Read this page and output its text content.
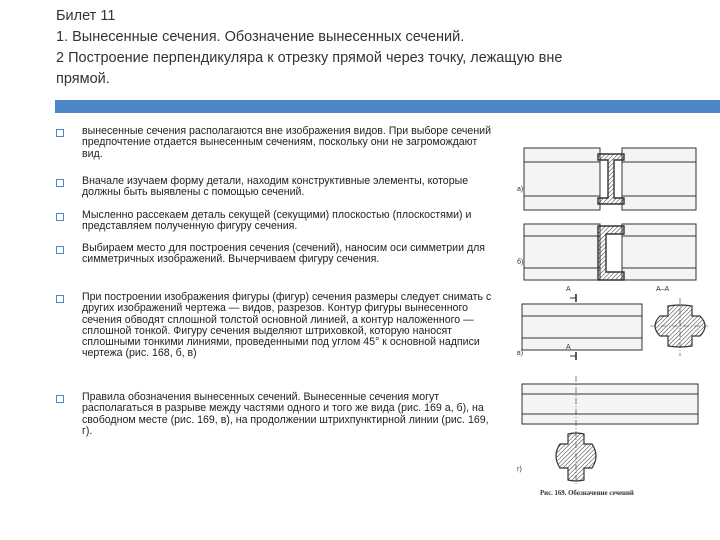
Билет 11
1. Вынесенные сечения. Обозначение вынесенных сечений.
2 Построение перпендикуляра к отрезку прямой через точку, лежащую вне
прямой.
вынесенные сечения располагаются вне изображения видов. При выборе сечений предпочтение отдается вынесенным сечениям, поскольку они не загромождают вид.
Вначале изучаем форму детали, находим конструктивные элементы, которые должны быть выявлены с помощью сечений.
Мысленно рассекаем деталь секущей (секущими) плоскостью (плоскостями) и представляем полученную фигуру сечения.
Выбираем место для построения сечения (сечений), наносим оси симметрии для симметричных изображений. Вычерчиваем фигуру сечения.
При построении изображения фигуры (фигур) сечения размеры следует снимать с других изображений чертежа — видов, разрезов. Контур фигуры вынесенного сечения обводят сплошной толстой основной линией, а контур наложенного — сплошной тонкой. Фигуру сечения выделяют штриховкой, которую наносят сплошными тонкими линиями, проведенными под углом 45° к основной надписи чертежа (рис. 168, б, в)
Правила обозначения вынесенных сечений. Вынесенные сечения могут располагаться в разрыве между частями одного и того же вида (рис. 169 а, б), на свободном месте (рис. 169, в), на продолжении штрихпунктирной линии (рис. 169, г).
а)
б)
в)
г)
А
А
А–А
Рис. 169. Обозначение сечений
